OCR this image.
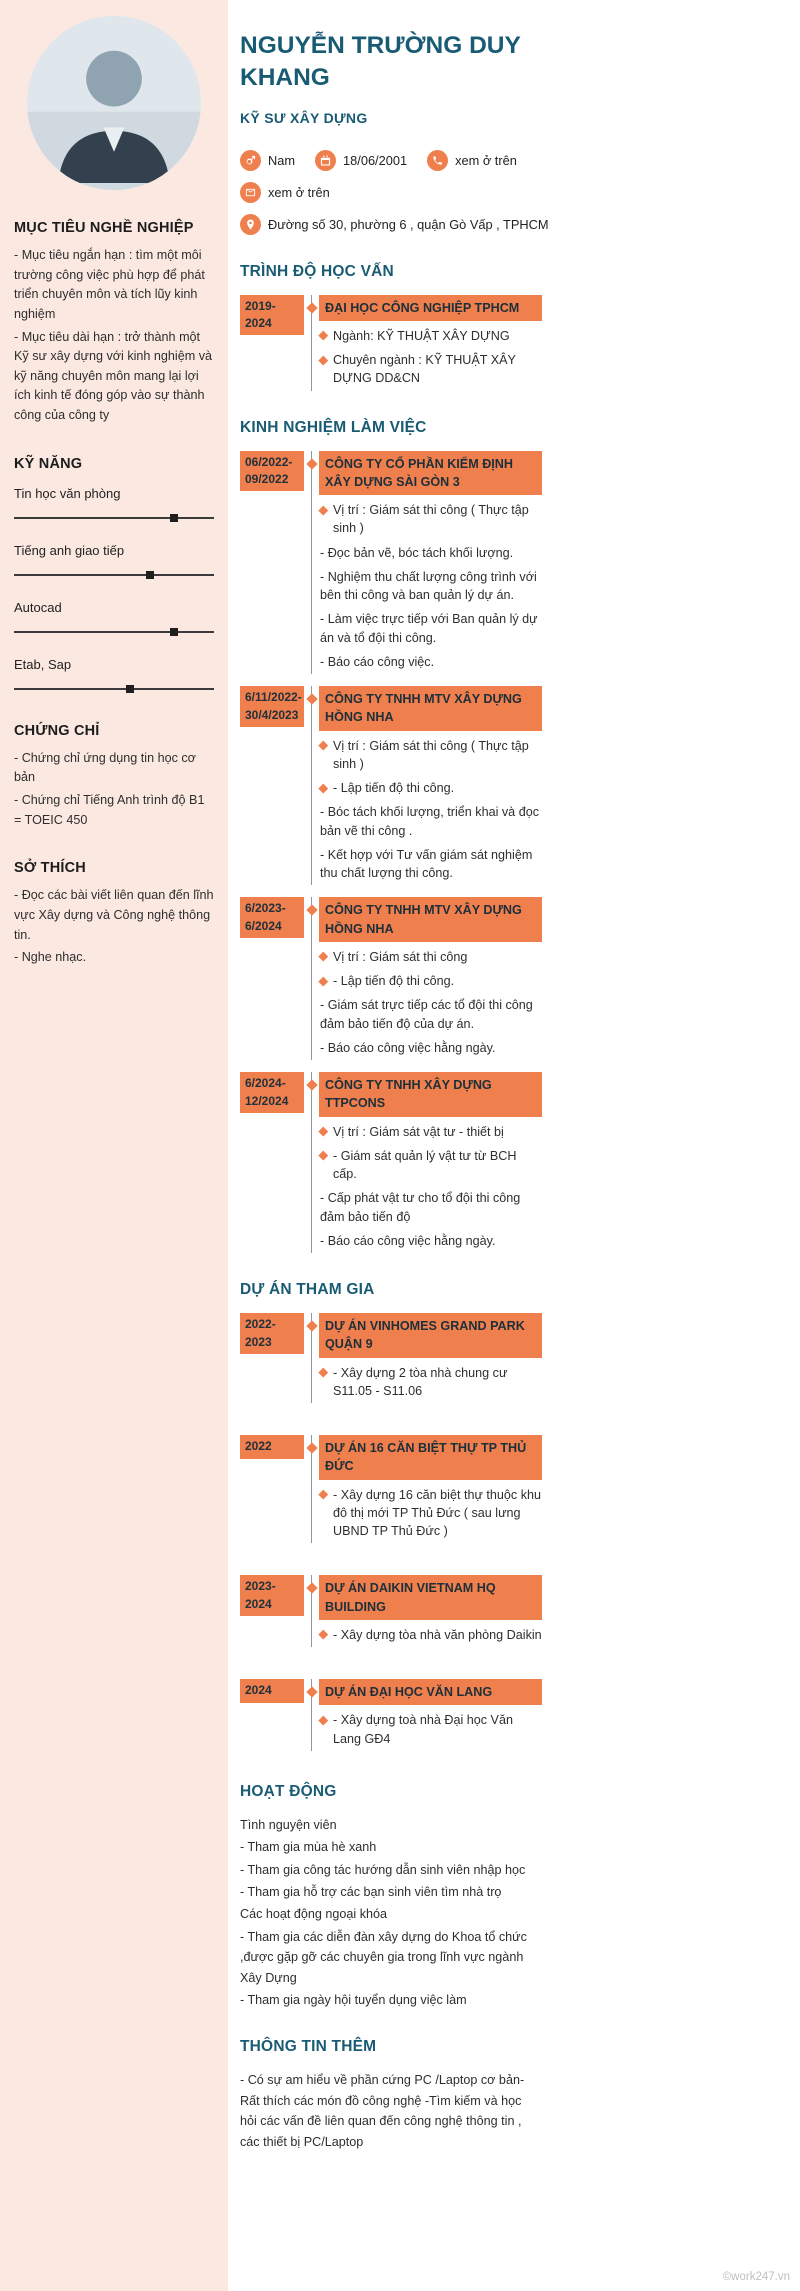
MỤC TIÊU NGHỀ NGHIỆP

- Mục tiêu ngắn hạn : tìm một môi trường công việc phù hợp để phát triển chuyên môn và tích lũy kinh nghiệm

- Mục tiêu dài hạn : trở thành một Kỹ sư xây dựng với kinh nghiệm và kỹ năng chuyên môn mang lại lợi ích kinh tế đóng góp vào sự thành công của công ty

KỸ NĂNG
Tin học văn phòng
Tiếng anh giao tiếp
Autocad
Etab, Sap
CHỨNG CHỈ

- Chứng chỉ ứng dụng tin học cơ bản

- Chứng chỉ Tiếng Anh trình độ B1 = TOEIC 450

SỞ THÍCH

- Đọc các bài viết liên quan đến lĩnh vực Xây dựng và Công nghệ thông tin.

- Nghe nhạc.

NGUYỄN TRƯỜNG DUY KHANG
KỸ SƯ XÂY DỰNG
Nam	18/06/2001	xem ở trên
xem ở trên
Đường số 30, phường 6 , quận Gò Vấp , TPHCM
TRÌNH ĐỘ HỌC VẤN
2019-2024
ĐẠI HỌC CÔNG NGHIỆP TPHCM
Ngành: KỸ THUẬT XÂY DỰNG
Chuyên ngành : KỸ THUẬT XÂY DỰNG DD&CN
KINH NGHIỆM LÀM VIỆC
06/2022-09/2022
CÔNG TY CỔ PHẦN KIỂM ĐỊNH XÂY DỰNG SÀI GÒN 3
Vị trí : Giám sát thi công ( Thực tập sinh )
- Đọc bản vẽ, bóc tách khối lượng.
- Nghiệm thu chất lượng công trình với bên thi công và ban quản lý dự án.
- Làm việc trực tiếp với Ban quản lý dự án và tổ đội thi công.
- Báo cáo công việc.
6/11/2022-30/4/2023
CÔNG TY TNHH MTV XÂY DỰNG HỒNG NHA
Vị trí : Giám sát thi công ( Thực tập sinh )
- Lập tiến độ thi công.
- Bóc tách khối lượng, triển khai và đọc bản vẽ thi công .
- Kết hợp với Tư vấn giám sát nghiệm thu chất lượng thi công.
6/2023-6/2024
CÔNG TY TNHH MTV XÂY DỰNG HỒNG NHA
Vị trí : Giám sát thi công
- Lập tiến độ thi công.
- Giám sát trực tiếp các tổ đội thi công đảm bảo tiến độ của dự án.
- Báo cáo công việc hằng ngày.
6/2024-12/2024
CÔNG TY TNHH XÂY DỰNG TTPCONS
Vị trí : Giám sát vật tư - thiết bị
- Giám sát quản lý vật tư từ BCH cấp.
- Cấp phát vật tư cho tổ đội thi công đảm bảo tiến độ
- Báo cáo công việc hằng ngày.
DỰ ÁN THAM GIA
2022-2023
DỰ ÁN VINHOMES GRAND PARK QUẬN 9
- Xây dựng 2 tòa nhà chung cư S11.05 - S11.06
2022	DỰ ÁN 16 CĂN BIỆT THỰ TP THỦ ĐỨC
- Xây dựng 16 căn biệt thự thuộc khu đô thị mới TP Thủ Đức ( sau lưng UBND TP Thủ Đức )
2023-2024
DỰ ÁN DAIKIN VIETNAM HQ BUILDING
- Xây dựng tòa nhà văn phòng Daikin
2024	DỰ ÁN ĐẠI HỌC VĂN LANG
- Xây dựng toà nhà Đại học Văn Lang GĐ4
HOẠT ĐỘNG

Tình nguyện viên

- Tham gia mùa hè xanh

- Tham gia công tác hướng dẫn sinh viên nhập học

- Tham gia hỗ trợ các bạn sinh viên tìm nhà trọ

Các hoạt động ngoại khóa

- Tham gia các diễn đàn xây dựng do Khoa tổ chức ,được gặp gỡ các chuyên gia trong lĩnh vực ngành Xây Dựng

- Tham gia ngày hội tuyển dụng việc làm

THÔNG TIN THÊM

- Có sự am hiểu về phần cứng PC /Laptop cơ bản- Rất thích các món đồ công nghệ -Tìm kiếm và học hỏi các vấn đề liên quan đến công nghệ thông tin , các thiết bị PC/Laptop

©work247.vn
